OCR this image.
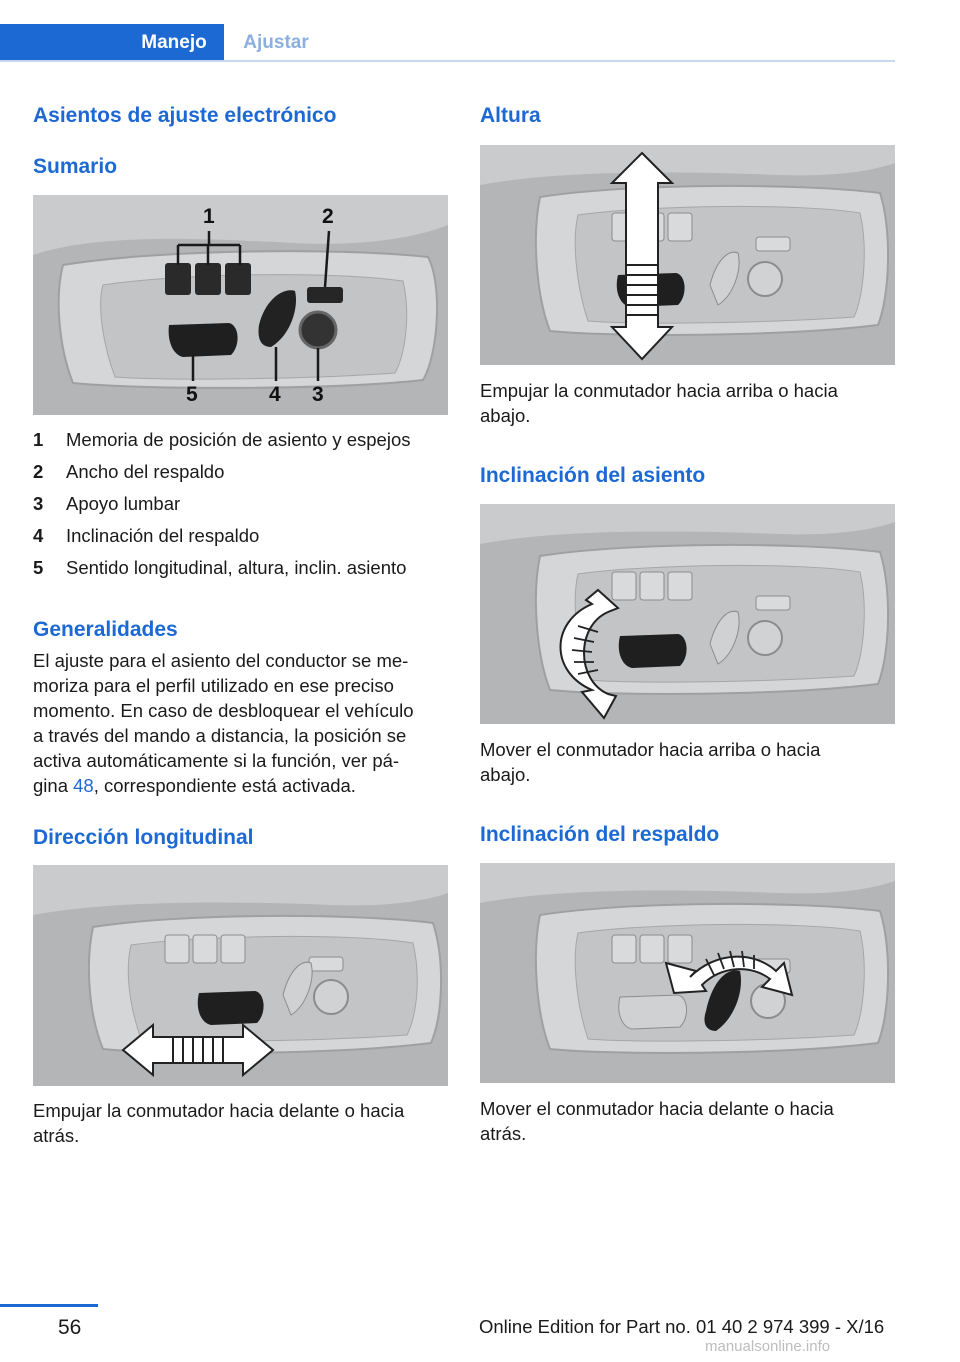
Manejo	Ajustar
Asientos de ajuste electrónico
Sumario
1	2
3
4
5
1 Memoria de posición de asiento y espejos
2 Ancho del respaldo
3 Apoyo lumbar
4 Inclinación del respaldo
5 Sentido longitudinal, altura, inclin. asiento
Generalidades

El ajuste para el asiento del conductor se me-
moriza para el perfil utilizado en ese preciso
momento. En caso de desbloquear el vehículo
a través del mando a distancia, la posición se
activa automáticamente si la función, ver pá-
gina 48, correspondiente está activada.

Dirección longitudinal

Empujar la conmutador hacia delante o hacia
atrás.

Altura

Empujar la conmutador hacia arriba o hacia
abajo.

Inclinación del asiento

Mover el conmutador hacia arriba o hacia
abajo.

Inclinación del respaldo

Mover el conmutador hacia delante o hacia
atrás.

56	Online Edition for Part no. 01 40 2 974 399 - X/16
manualsonline.info
